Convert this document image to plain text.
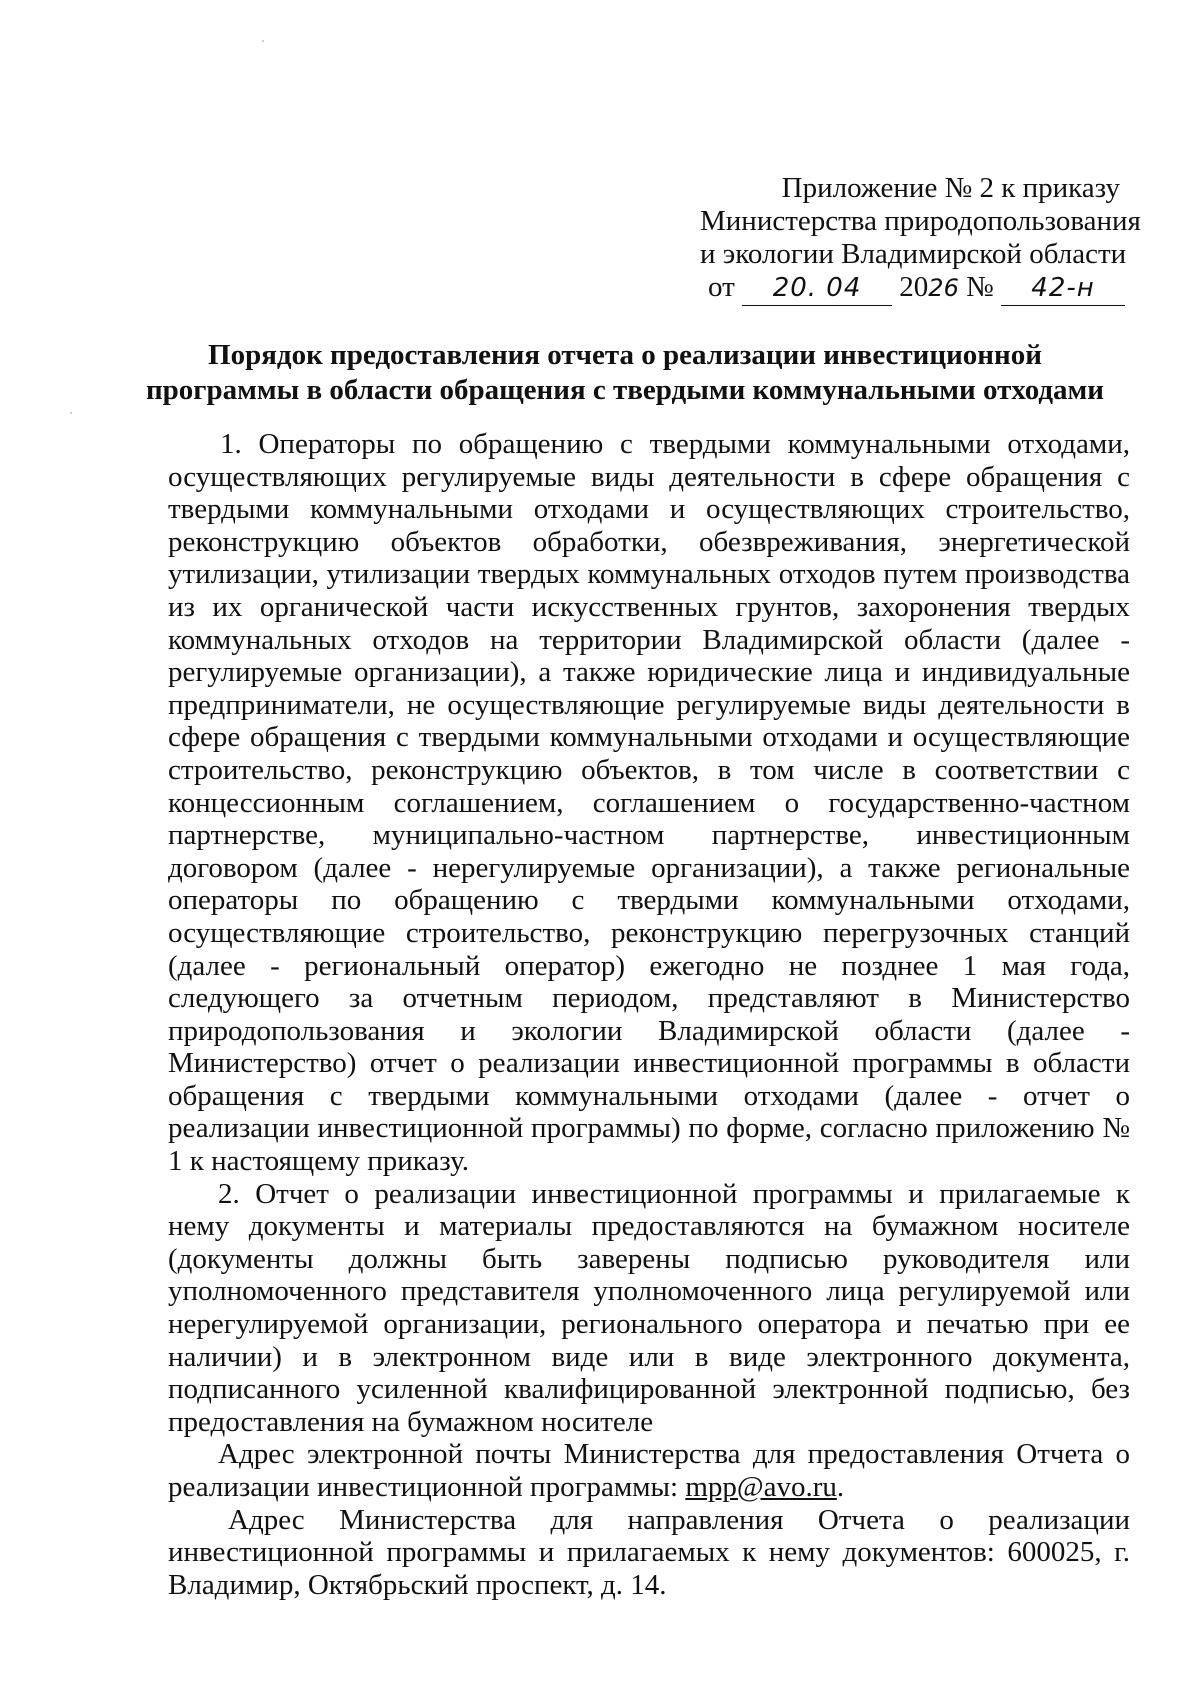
Приложение № 2 к приказу
Министерства природопользования
и экологии Владимирской области
от 20. 04 2026 № 42-н
Порядок предоставления отчета о реализации инвестиционной
программы в области обращения с твердыми коммунальными отходами

1. Операторы по обращению с твердыми коммунальными отходами, осуществляющих регулируемые виды деятельности в сфере обращения с твердыми коммунальными отходами и осуществляющих строительство, реконструкцию объектов обработки, обезвреживания, энергетической утилизации, утилизации твердых коммунальных отходов путем производства из их органической части искусственных грунтов, захоронения твердых коммунальных отходов на территории Владимирской области (далее - регулируемые организации), а также юридические лица и индивидуальные предприниматели, не осуществляющие регулируемые виды деятельности в сфере обращения с твердыми коммунальными отходами и осуществляющие строительство, реконструкцию объектов, в том числе в соответствии с концессионным соглашением, соглашением о государственно-частном партнерстве, муниципально-частном партнерстве, инвестиционным договором (далее - нерегулируемые организации), а также региональные операторы по обращению с твердыми коммунальными отходами, осуществляющие строительство, реконструкцию перегрузочных станций (далее - региональный оператор) ежегодно не позднее 1 мая года, следующего за отчетным периодом, представляют в Министерство природопользования и экологии Владимирской области (далее - Министерство) отчет о реализации инвестиционной программы в области обращения с твердыми коммунальными отходами (далее - отчет о реализации инвестиционной программы) по форме, согласно приложению № 1 к настоящему приказу.

2. Отчет о реализации инвестиционной программы и прилагаемые к нему документы и материалы предоставляются на бумажном носителе (документы должны быть заверены подписью руководителя или уполномоченного представителя уполномоченного лица регулируемой или нерегулируемой организации, регионального оператора и печатью при ее наличии) и в электронном виде или в виде электронного документа, подписанного усиленной квалифицированной электронной подписью, без предоставления на бумажном носителе

Адрес электронной почты Министерства для предоставления Отчета о реализации инвестиционной программы: mpp@avo.ru.

Адрес Министерства для направления Отчета о реализации инвестиционной программы и прилагаемых к нему документов: 600025, г. Владимир, Октябрьский проспект, д. 14.
